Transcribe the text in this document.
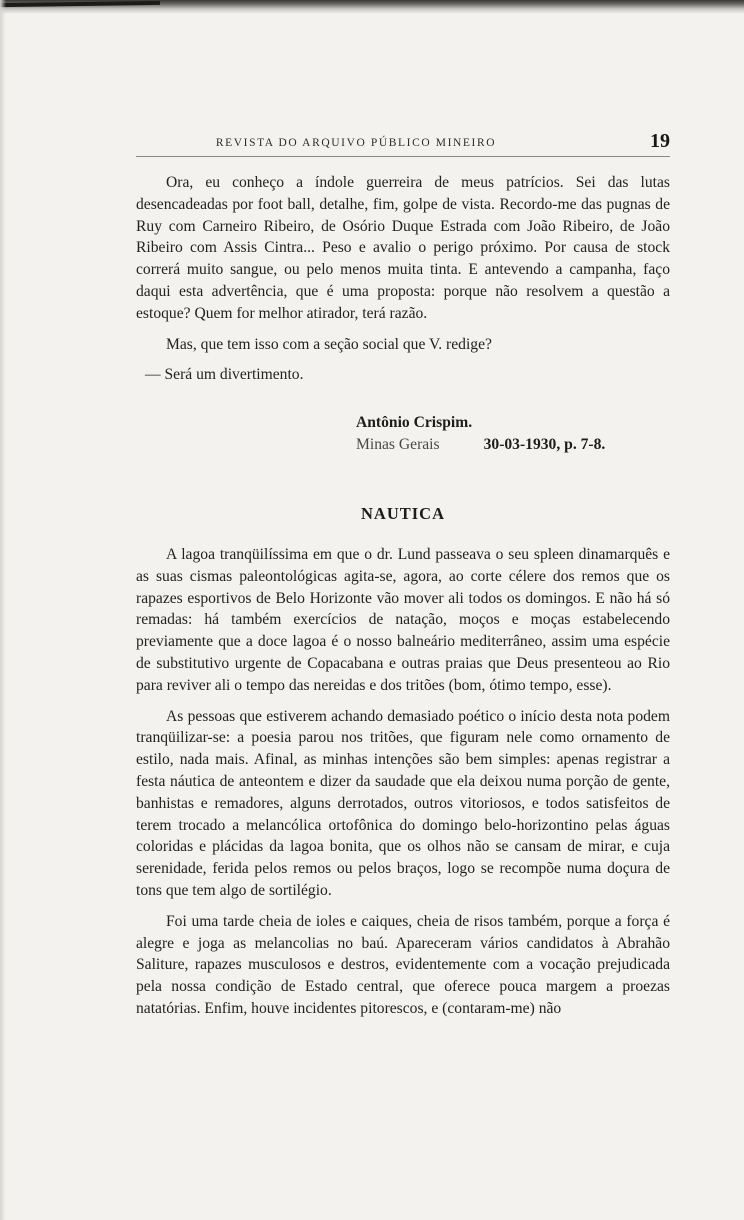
REVISTA DO ARQUIVO PÚBLICO MINEIRO	19

Ora, eu conheço a índole guerreira de meus patrícios. Sei das lutas desencadeadas por foot ball, detalhe, fim, golpe de vista. Recordo-me das pugnas de Ruy com Carneiro Ribeiro, de Osório Duque Estrada com João Ribeiro, de João Ribeiro com Assis Cintra... Peso e avalio o perigo próximo. Por causa de stock correrá muito sangue, ou pelo menos muita tinta. E antevendo a campanha, faço daqui esta advertência, que é uma proposta: porque não resolvem a questão a estoque? Quem for melhor atirador, terá razão.

Mas, que tem isso com a seção social que V. redige?

— Será um divertimento.

Antônio Crispim.
Minas Gerais	30-03-1930, p. 7-8.
NAUTICA

A lagoa tranqüilíssima em que o dr. Lund passeava o seu spleen dinamarquês e as suas cismas paleontológicas agita-se, agora, ao corte célere dos remos que os rapazes esportivos de Belo Horizonte vão mover ali todos os domingos. E não há só remadas: há também exercícios de natação, moços e moças estabelecendo previamente que a doce lagoa é o nosso balneário mediterrâneo, assim uma espécie de substitutivo urgente de Copacabana e outras praias que Deus presenteou ao Rio para reviver ali o tempo das nereidas e dos tritões (bom, ótimo tempo, esse).

As pessoas que estiverem achando demasiado poético o início desta nota podem tranqüilizar-se: a poesia parou nos tritões, que figuram nele como ornamento de estilo, nada mais. Afinal, as minhas intenções são bem simples: apenas registrar a festa náutica de anteontem e dizer da saudade que ela deixou numa porção de gente, banhistas e remadores, alguns derrotados, outros vitoriosos, e todos satisfeitos de terem trocado a melancólica ortofônica do domingo belo-horizontino pelas águas coloridas e plácidas da lagoa bonita, que os olhos não se cansam de mirar, e cuja serenidade, ferida pelos remos ou pelos braços, logo se recompõe numa doçura de tons que tem algo de sortilégio.

Foi uma tarde cheia de ioles e caiques, cheia de risos também, porque a força é alegre e joga as melancolias no baú. Apareceram vários candidatos à Abrahão Saliture, rapazes musculosos e destros, evidentemente com a vocação prejudicada pela nossa condição de Estado central, que oferece pouca margem a proezas natatórias. Enfim, houve incidentes pitorescos, e (contaram-me) não
